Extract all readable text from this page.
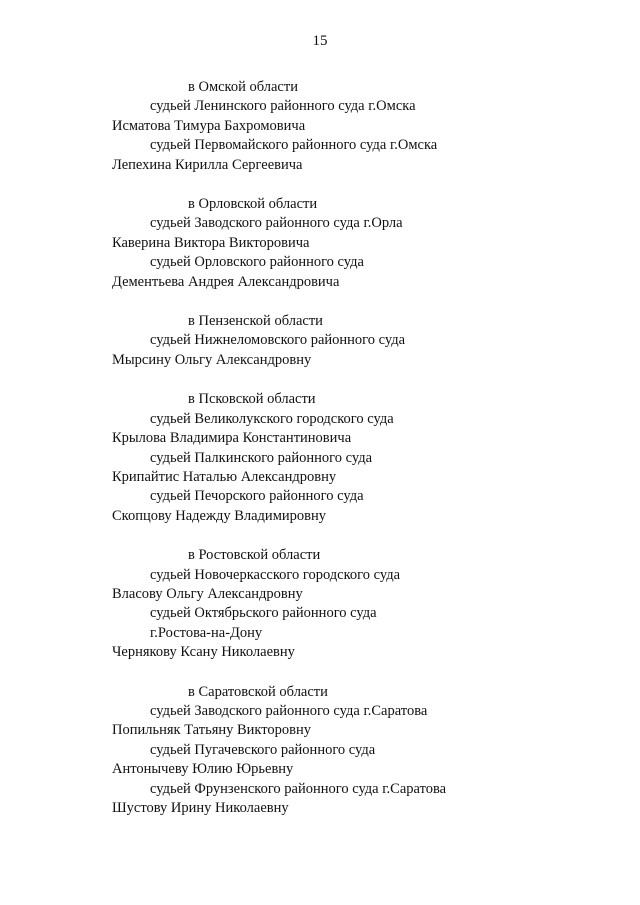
15
в Омской области
судьей Ленинского районного суда г.Омска
Исматова Тимура Бахромовича
судьей Первомайского районного суда г.Омска
Лепехина Кирилла Сергеевича
в Орловской области
судьей Заводского районного суда г.Орла
Каверина Виктора Викторовича
судьей Орловского районного суда
Дементьева Андрея Александровича
в Пензенской области
судьей Нижнеломовского районного суда
Мырсину Ольгу Александровну
в Псковской области
судьей Великолукского городского суда
Крылова Владимира Константиновича
судьей Палкинского районного суда
Крипайтис Наталью Александровну
судьей Печорского районного суда
Скопцову Надежду Владимировну
в Ростовской области
судьей Новочеркасского городского суда
Власову Ольгу Александровну
судьей Октябрьского районного суда
г.Ростова-на-Дону
Чернякову Ксану Николаевну
в Саратовской области
судьей Заводского районного суда г.Саратова
Попильняк Татьяну Викторовну
судьей Пугачевского районного суда
Антонычеву Юлию Юрьевну
судьей Фрунзенского районного суда г.Саратова
Шустову Ирину Николаевну
